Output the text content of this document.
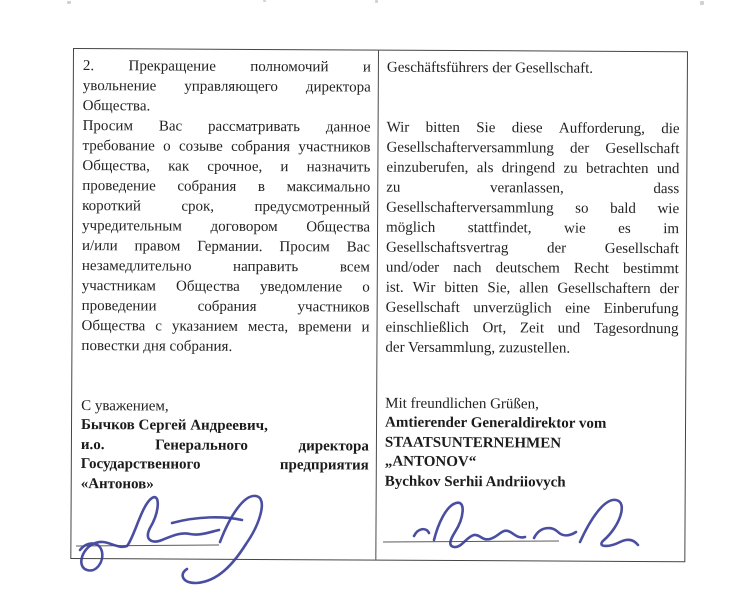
2. Прекращение полномочий и
увольнение управляющего директора
Общества.
Просим Вас рассматривать данное
требование о созыве собрания участников
Общества, как срочное, и назначить
проведение собрания в максимально
короткий	срок,	предусмотренный
учредительным договором Общества
и/или правом Германии. Просим Вас
незамедлительно	направить	всем
участникам Общества уведомление о
проведении	собрания	участников
Общества с указанием места, времени и
повестки дня собрания.
С уважением,
Бычков Сергей Андреевич,
и.о.	Генерального	директора
Государственного	предприятия
«Антонов»
Geschäftsführers der Gesellschaft.

Wir bitten Sie diese Aufforderung, die
Gesellschafterversammlung der Gesellschaft
einzuberufen, als dringend zu betrachten und
zu	veranlassen,	dass
Gesellschafterversammlung so bald wie
möglich stattfindet, wie es im
Gesellschaftsvertrag	der	Gesellschaft
und/oder nach deutschem Recht bestimmt
ist. Wir bitten Sie, allen Gesellschaftern der
Gesellschaft unverzüglich eine Einberufung
einschließlich Ort, Zeit und Tagesordnung
der Versammlung, zuzustellen.
Mit freundlichen Grüßen,
Amtierender Generaldirektor vom
STAATSUNTERNEHMEN
„ANTONOV“
Bychkov Serhii Andriiovych
